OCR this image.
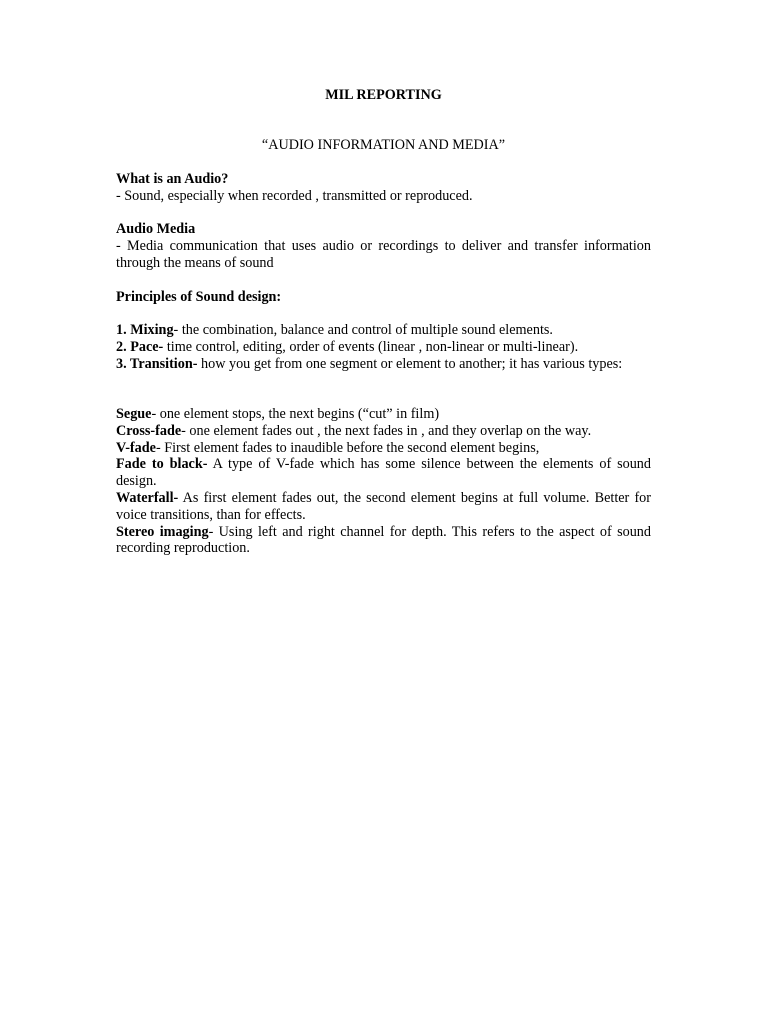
MIL REPORTING
“AUDIO INFORMATION AND MEDIA”
What is an Audio?
- Sound, especially when recorded , transmitted or reproduced.
Audio Media
- Media communication that uses audio or recordings to deliver and transfer information through the means of sound
Principles of Sound design:
1. Mixing- the combination, balance and control of multiple sound elements.
2. Pace- time control, editing, order of events (linear , non-linear or multi-linear).
3. Transition- how you get from one segment or element to another; it has various types:
Segue- one element stops, the next begins (“cut” in film)
Cross-fade- one element fades out , the next fades in , and they overlap on the way.
V-fade- First element fades to inaudible before the second element begins,
Fade to black- A type of V-fade which has some silence between the elements of sound design.
Waterfall- As first element fades out, the second element begins at full volume. Better for voice transitions, than for effects.
Stereo imaging- Using left and right channel for depth. This refers to the aspect of sound recording reproduction.
